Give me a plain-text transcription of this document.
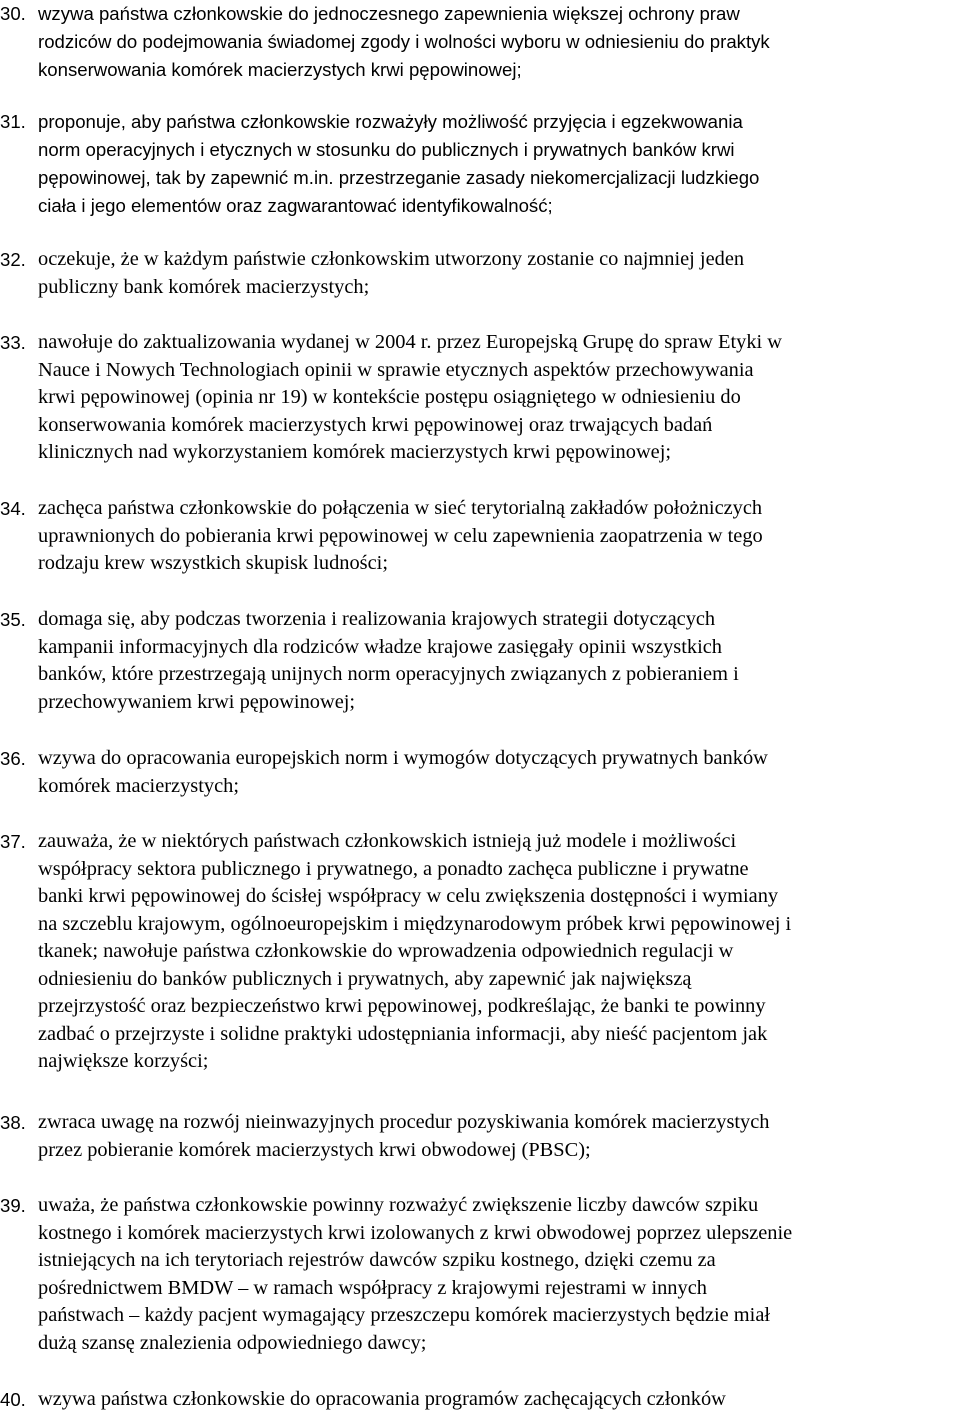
30. wzywa państwa członkowskie do jednoczesnego zapewnienia większej ochrony praw
rodziców do podejmowania świadomej zgody i wolności wyboru w odniesieniu do praktyk
konserwowania komórek macierzystych krwi pępowinowej;
31. proponuje, aby państwa członkowskie rozważyły możliwość przyjęcia i egzekwowania
norm operacyjnych i etycznych w stosunku do publicznych i prywatnych banków krwi
pępowinowej, tak by zapewnić m.in. przestrzeganie zasady niekomercjalizacji ludzkiego
ciała i jego elementów oraz zagwarantować identyfikowalność;
32. oczekuje, że w każdym państwie członkowskim utworzony zostanie co najmniej jeden
publiczny bank komórek macierzystych;
33. nawołuje do zaktualizowania wydanej w 2004 r. przez Europejską Grupę do spraw Etyki w
Nauce i Nowych Technologiach opinii w sprawie etycznych aspektów przechowywania
krwi pępowinowej (opinia nr 19) w kontekście postępu osiągniętego w odniesieniu do
konserwowania komórek macierzystych krwi pępowinowej oraz trwających badań
klinicznych nad wykorzystaniem komórek macierzystych krwi pępowinowej;
34. zachęca państwa członkowskie do połączenia w sieć terytorialną zakładów położniczych
uprawnionych do pobierania krwi pępowinowej w celu zapewnienia zaopatrzenia w tego
rodzaju krew wszystkich skupisk ludności;
35. domaga się, aby podczas tworzenia i realizowania krajowych strategii dotyczących
kampanii informacyjnych dla rodziców władze krajowe zasięgały opinii wszystkich
banków, które przestrzegają unijnych norm operacyjnych związanych z pobieraniem i
przechowywaniem krwi pępowinowej;
36. wzywa do opracowania europejskich norm i wymogów dotyczących prywatnych banków
komórek macierzystych;
37. zauważa, że w niektórych państwach członkowskich istnieją już modele i możliwości
współpracy sektora publicznego i prywatnego, a ponadto zachęca publiczne i prywatne
banki krwi pępowinowej do ścisłej współpracy w celu zwiększenia dostępności i wymiany
na szczeblu krajowym, ogólnoeuropejskim i międzynarodowym próbek krwi pępowinowej i
tkanek; nawołuje państwa członkowskie do wprowadzenia odpowiednich regulacji w
odniesieniu do banków publicznych i prywatnych, aby zapewnić jak największą
przejrzystość oraz bezpieczeństwo krwi pępowinowej, podkreślając, że banki te powinny
zadbać o przejrzyste i solidne praktyki udostępniania informacji, aby nieść pacjentom jak
największe korzyści;
38. zwraca uwagę na rozwój nieinwazyjnych procedur pozyskiwania komórek macierzystych
przez pobieranie komórek macierzystych krwi obwodowej (PBSC);
39. uważa, że państwa członkowskie powinny rozważyć zwiększenie liczby dawców szpiku
kostnego i komórek macierzystych krwi izolowanych z krwi obwodowej poprzez ulepszenie
istniejących na ich terytoriach rejestrów dawców szpiku kostnego, dzięki czemu za
pośrednictwem BMDW – w ramach współpracy z krajowymi rejestrami w innych
państwach – każdy pacjent wymagający przeszczepu komórek macierzystych będzie miał
dużą szansę znalezienia odpowiedniego dawcy;
40. wzywa państwa członkowskie do opracowania programów zachęcających członków
